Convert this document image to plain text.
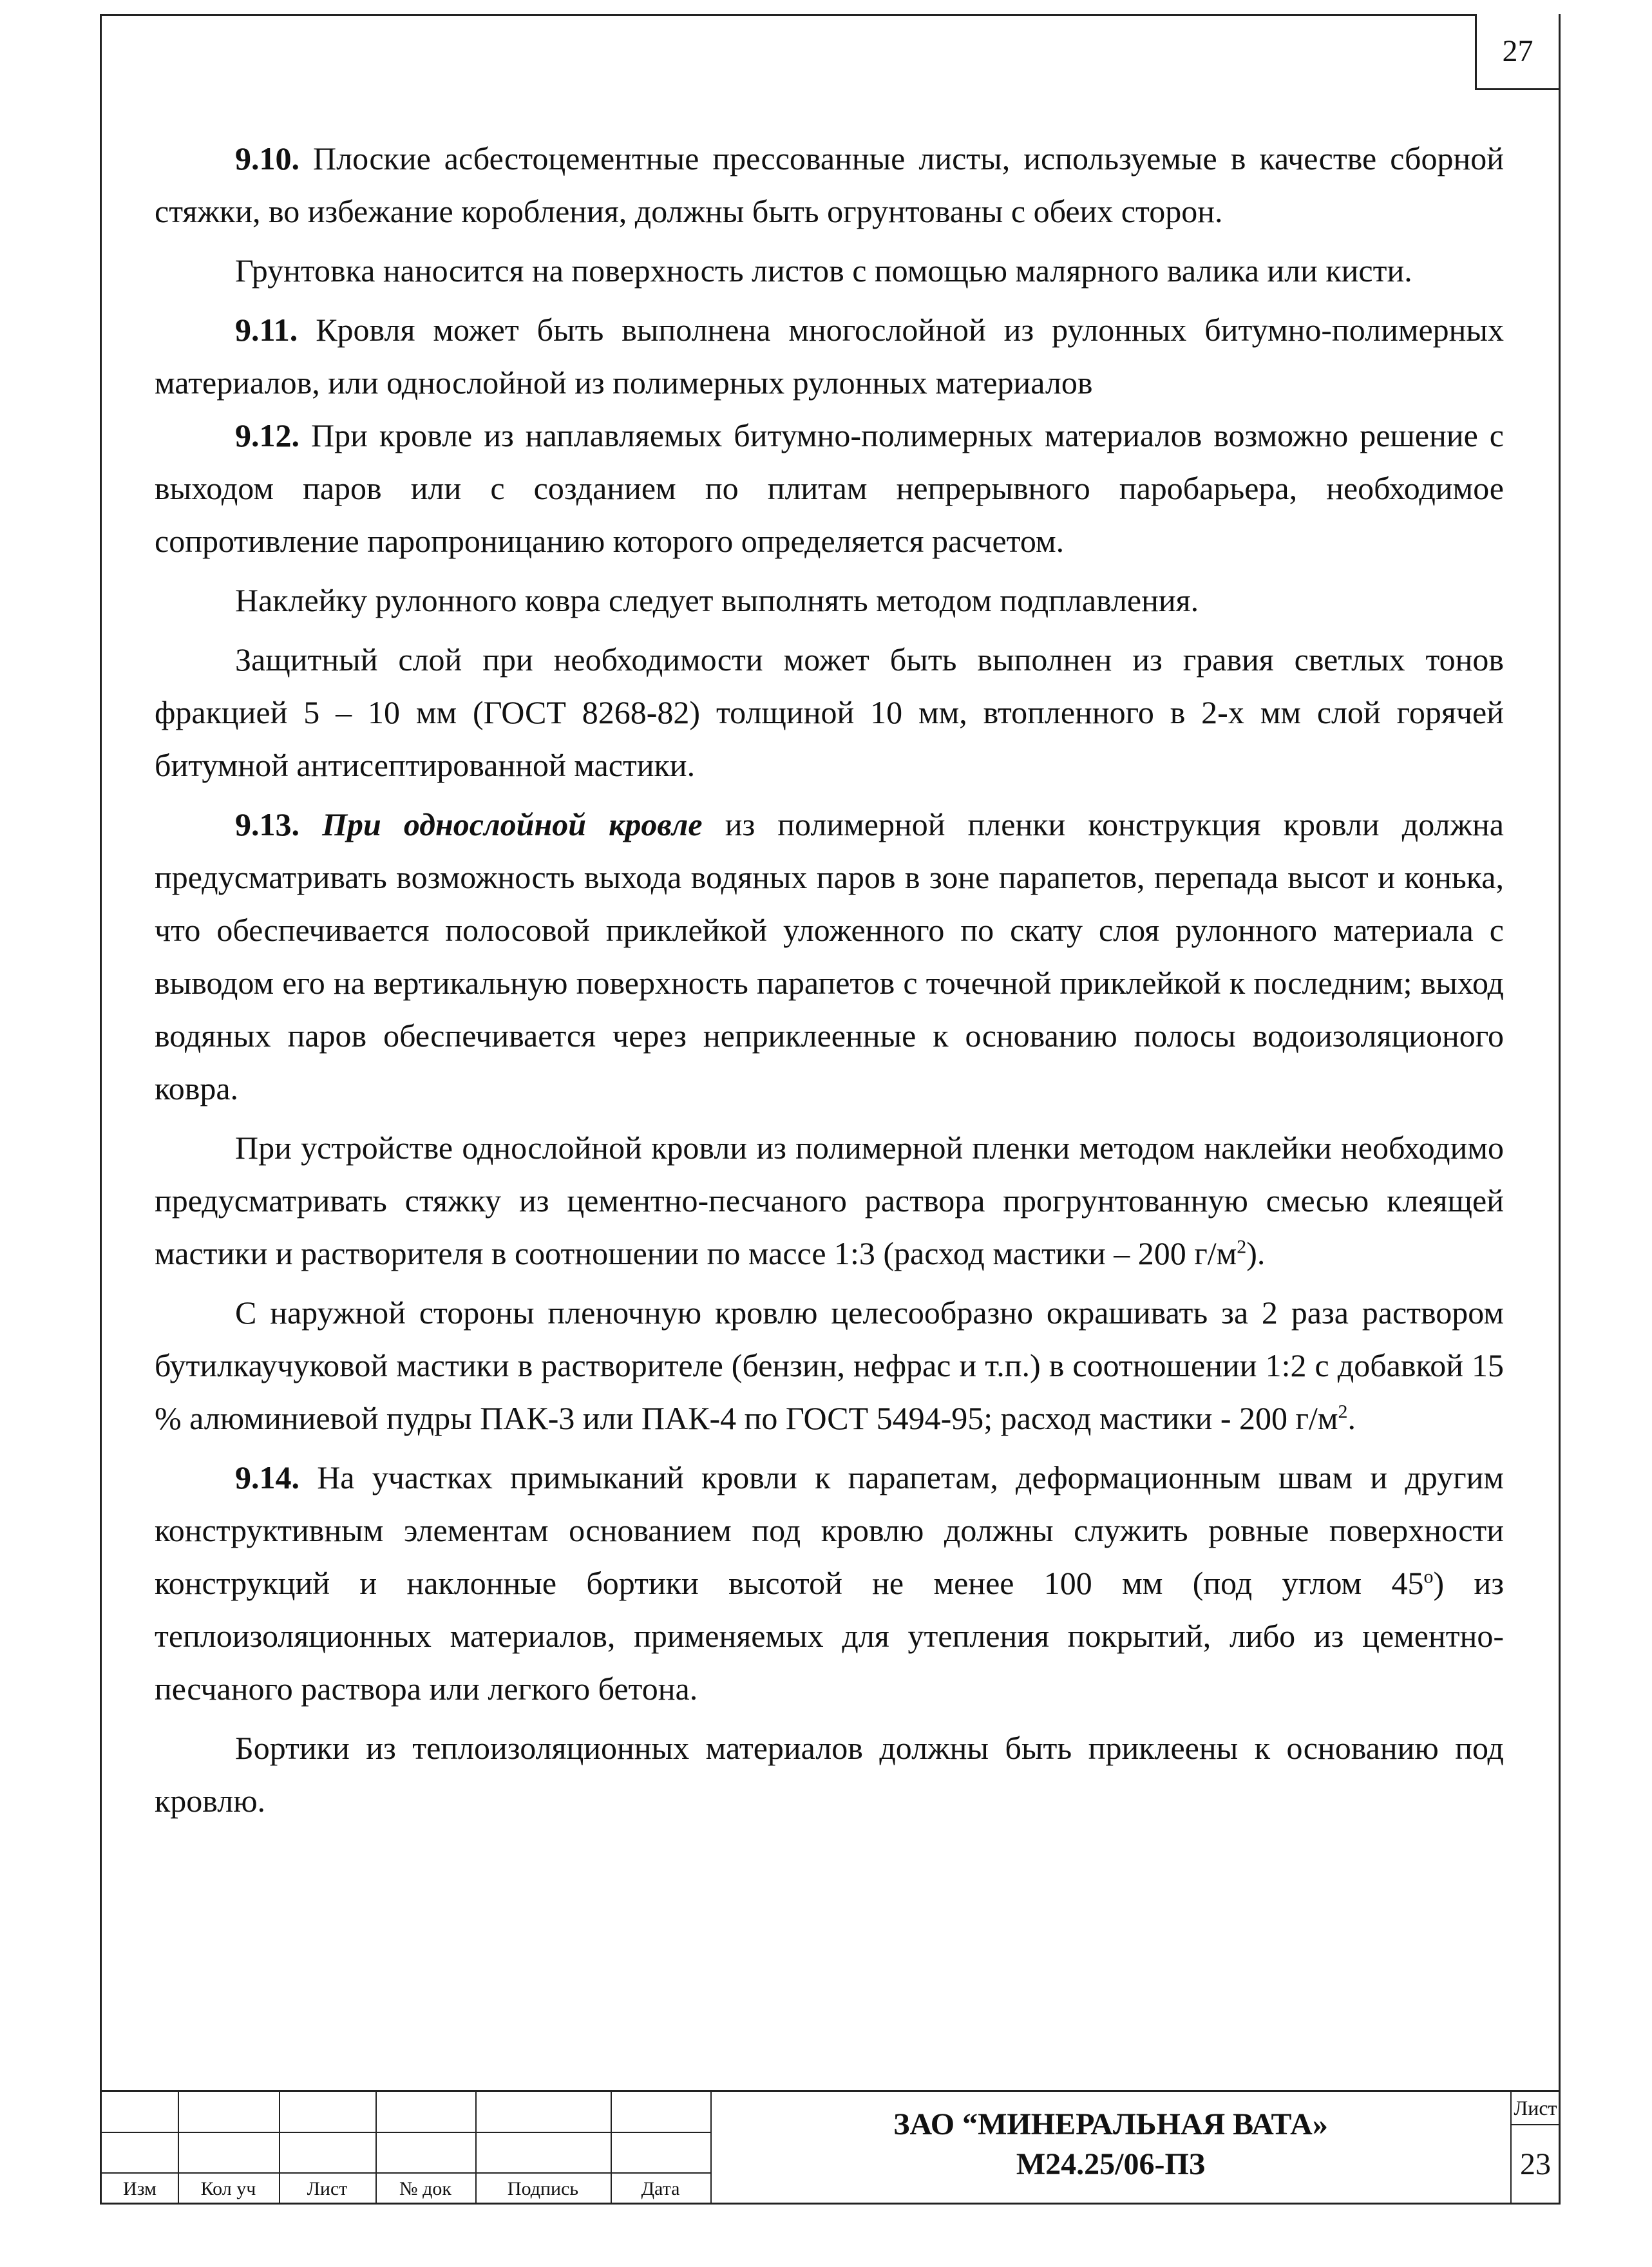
27

9.10. Плоские асбестоцементные прессованные листы, используемые в качестве сборной стяжки, во избежание коробления, должны быть огрунтованы с обеих сторон.

Грунтовка наносится на поверхность листов с помощью малярного валика или кисти.

9.11. Кровля может быть выполнена многослойной из рулонных битумно-полимерных материалов, или однослойной из полимерных рулонных материалов

9.12. При кровле из наплавляемых битумно-полимерных материалов возможно решение с выходом паров или с созданием по плитам непрерывного паробарьера, необходимое сопротивление паропроницанию которого определяется расчетом.

Наклейку рулонного ковра следует выполнять методом подплавления.

Защитный слой при необходимости может быть выполнен из гравия светлых тонов фракцией 5 – 10 мм (ГОСТ 8268-82) толщиной 10 мм, втопленного в 2-х мм слой горячей битумной антисептированной мастики.

9.13. При однослойной кровле из полимерной пленки конструкция кровли должна предусматривать возможность выхода водяных паров в зоне парапетов, перепада высот и конька, что обеспечивается полосовой приклейкой уложенного по скату слоя рулонного материала с выводом его на вертикальную поверхность парапетов с точечной приклейкой к последним; выход водяных паров обеспечивается через неприклеенные к основанию полосы водоизоляционого ковра.

При устройстве однослойной кровли из полимерной пленки методом наклейки необходимо предусматривать стяжку из цементно-песчаного раствора прогрунтованную смесью клеящей мастики и растворителя в соотношении по массе 1:3 (расход мастики – 200 $г/м^2$).

С наружной стороны пленочную кровлю целесообразно окрашивать за 2 раза раствором бутилкаучуковой мастики в растворителе (бензин, нефрас и т.п.) в соотношении 1:2 с добавкой 15 % алюминиевой пудры ПАК-3 или ПАК-4 по ГОСТ 5494-95; расход мастики - 200 $г/м^2$.

9.14. На участках примыканий кровли к парапетам, деформационным швам и другим конструктивным элементам основанием под кровлю должны служить ровные поверхности конструкций и наклонные бортики высотой не менее 100 мм (под углом $45^о$) из теплоизоляционных материалов, применяемых для утепления покрытий, либо из цементно-песчаного раствора или легкого бетона.

Бортики из теплоизоляционных материалов должны быть приклеены к основанию под кровлю.

Изм	Кол уч	Лист	№ док	Подпись	Дата
ЗАО “МИНЕРАЛЬНАЯ ВАТА»
М24.25/06-ПЗ
Лист
23
